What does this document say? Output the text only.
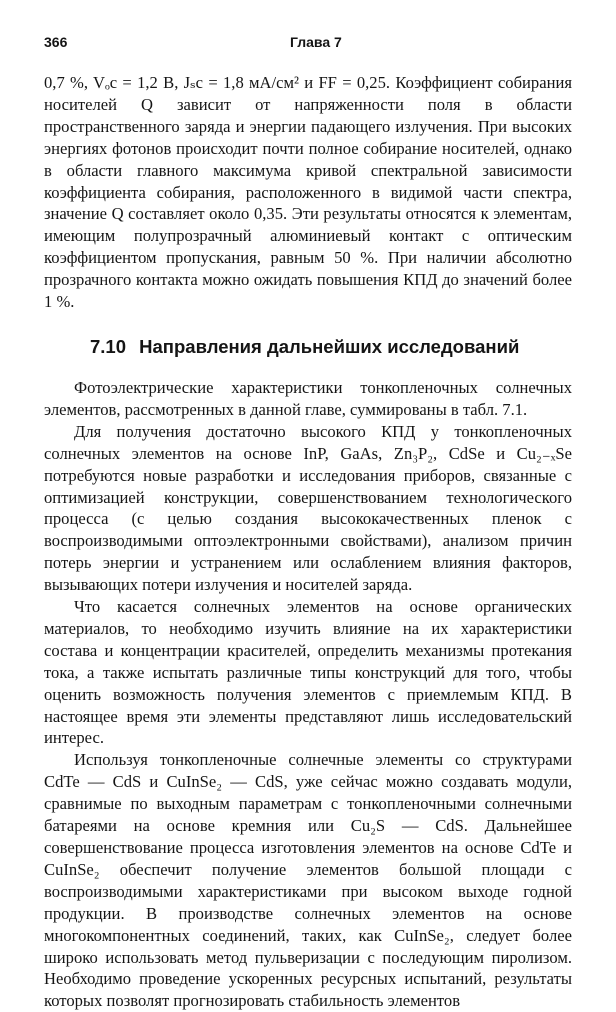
366	Глава 7

0,7 %, Vₒc = 1,2 В, Jₛc = 1,8 мА/см² и FF = 0,25. Коэффициент собирания носителей Q зависит от напряженности поля в области пространственного заряда и энергии падающего излучения. При высоких энергиях фотонов происходит почти полное собирание носителей, однако в области главного максимума кривой спектральной зависимости коэффициента собирания, расположенного в видимой части спектра, значение Q составляет около 0,35. Эти результаты относятся к элементам, имеющим полупрозрачный алюминиевый контакт с оптическим коэффициентом пропускания, равным 50 %. При наличии абсолютно прозрачного контакта можно ожидать повышения КПД до значений более 1 %.

7.10 Направления дальнейших исследований

Фотоэлектрические характеристики тонкопленочных солнечных элементов, рассмотренных в данной главе, суммированы в табл. 7.1.

Для получения достаточно высокого КПД у тонкопленочных солнечных элементов на основе InP, GaAs, Zn₃P₂, CdSe и Cu₂₋ₓSe потребуются новые разработки и исследования приборов, связанные с оптимизацией конструкции, совершенствованием технологического процесса (с целью создания высококачественных пленок с воспроизводимыми оптоэлектронными свойствами), анализом причин потерь энергии и устранением или ослаблением влияния факторов, вызывающих потери излучения и носителей заряда.

Что касается солнечных элементов на основе органических материалов, то необходимо изучить влияние на их характеристики состава и концентрации красителей, определить механизмы протекания тока, а также испытать различные типы конструкций для того, чтобы оценить возможность получения элементов с приемлемым КПД. В настоящее время эти элементы представляют лишь исследовательский интерес.

Используя тонкопленочные солнечные элементы со структурами CdTe — CdS и CuInSe₂ — CdS, уже сейчас можно создавать модули, сравнимые по выходным параметрам с тонкопленочными солнечными батареями на основе кремния или Cu₂S — CdS. Дальнейшее совершенствование процесса изготовления элементов на основе CdTe и CuInSe₂ обеспечит получение элементов большой площади с воспроизводимыми характеристиками при высоком выходе годной продукции. В производстве солнечных элементов на основе многокомпонентных соединений, таких, как CuInSe₂, следует более широко использовать метод пульверизации с последующим пиролизом. Необходимо проведение ускоренных ресурсных испытаний, результаты которых позволят прогнозировать стабильность элементов
